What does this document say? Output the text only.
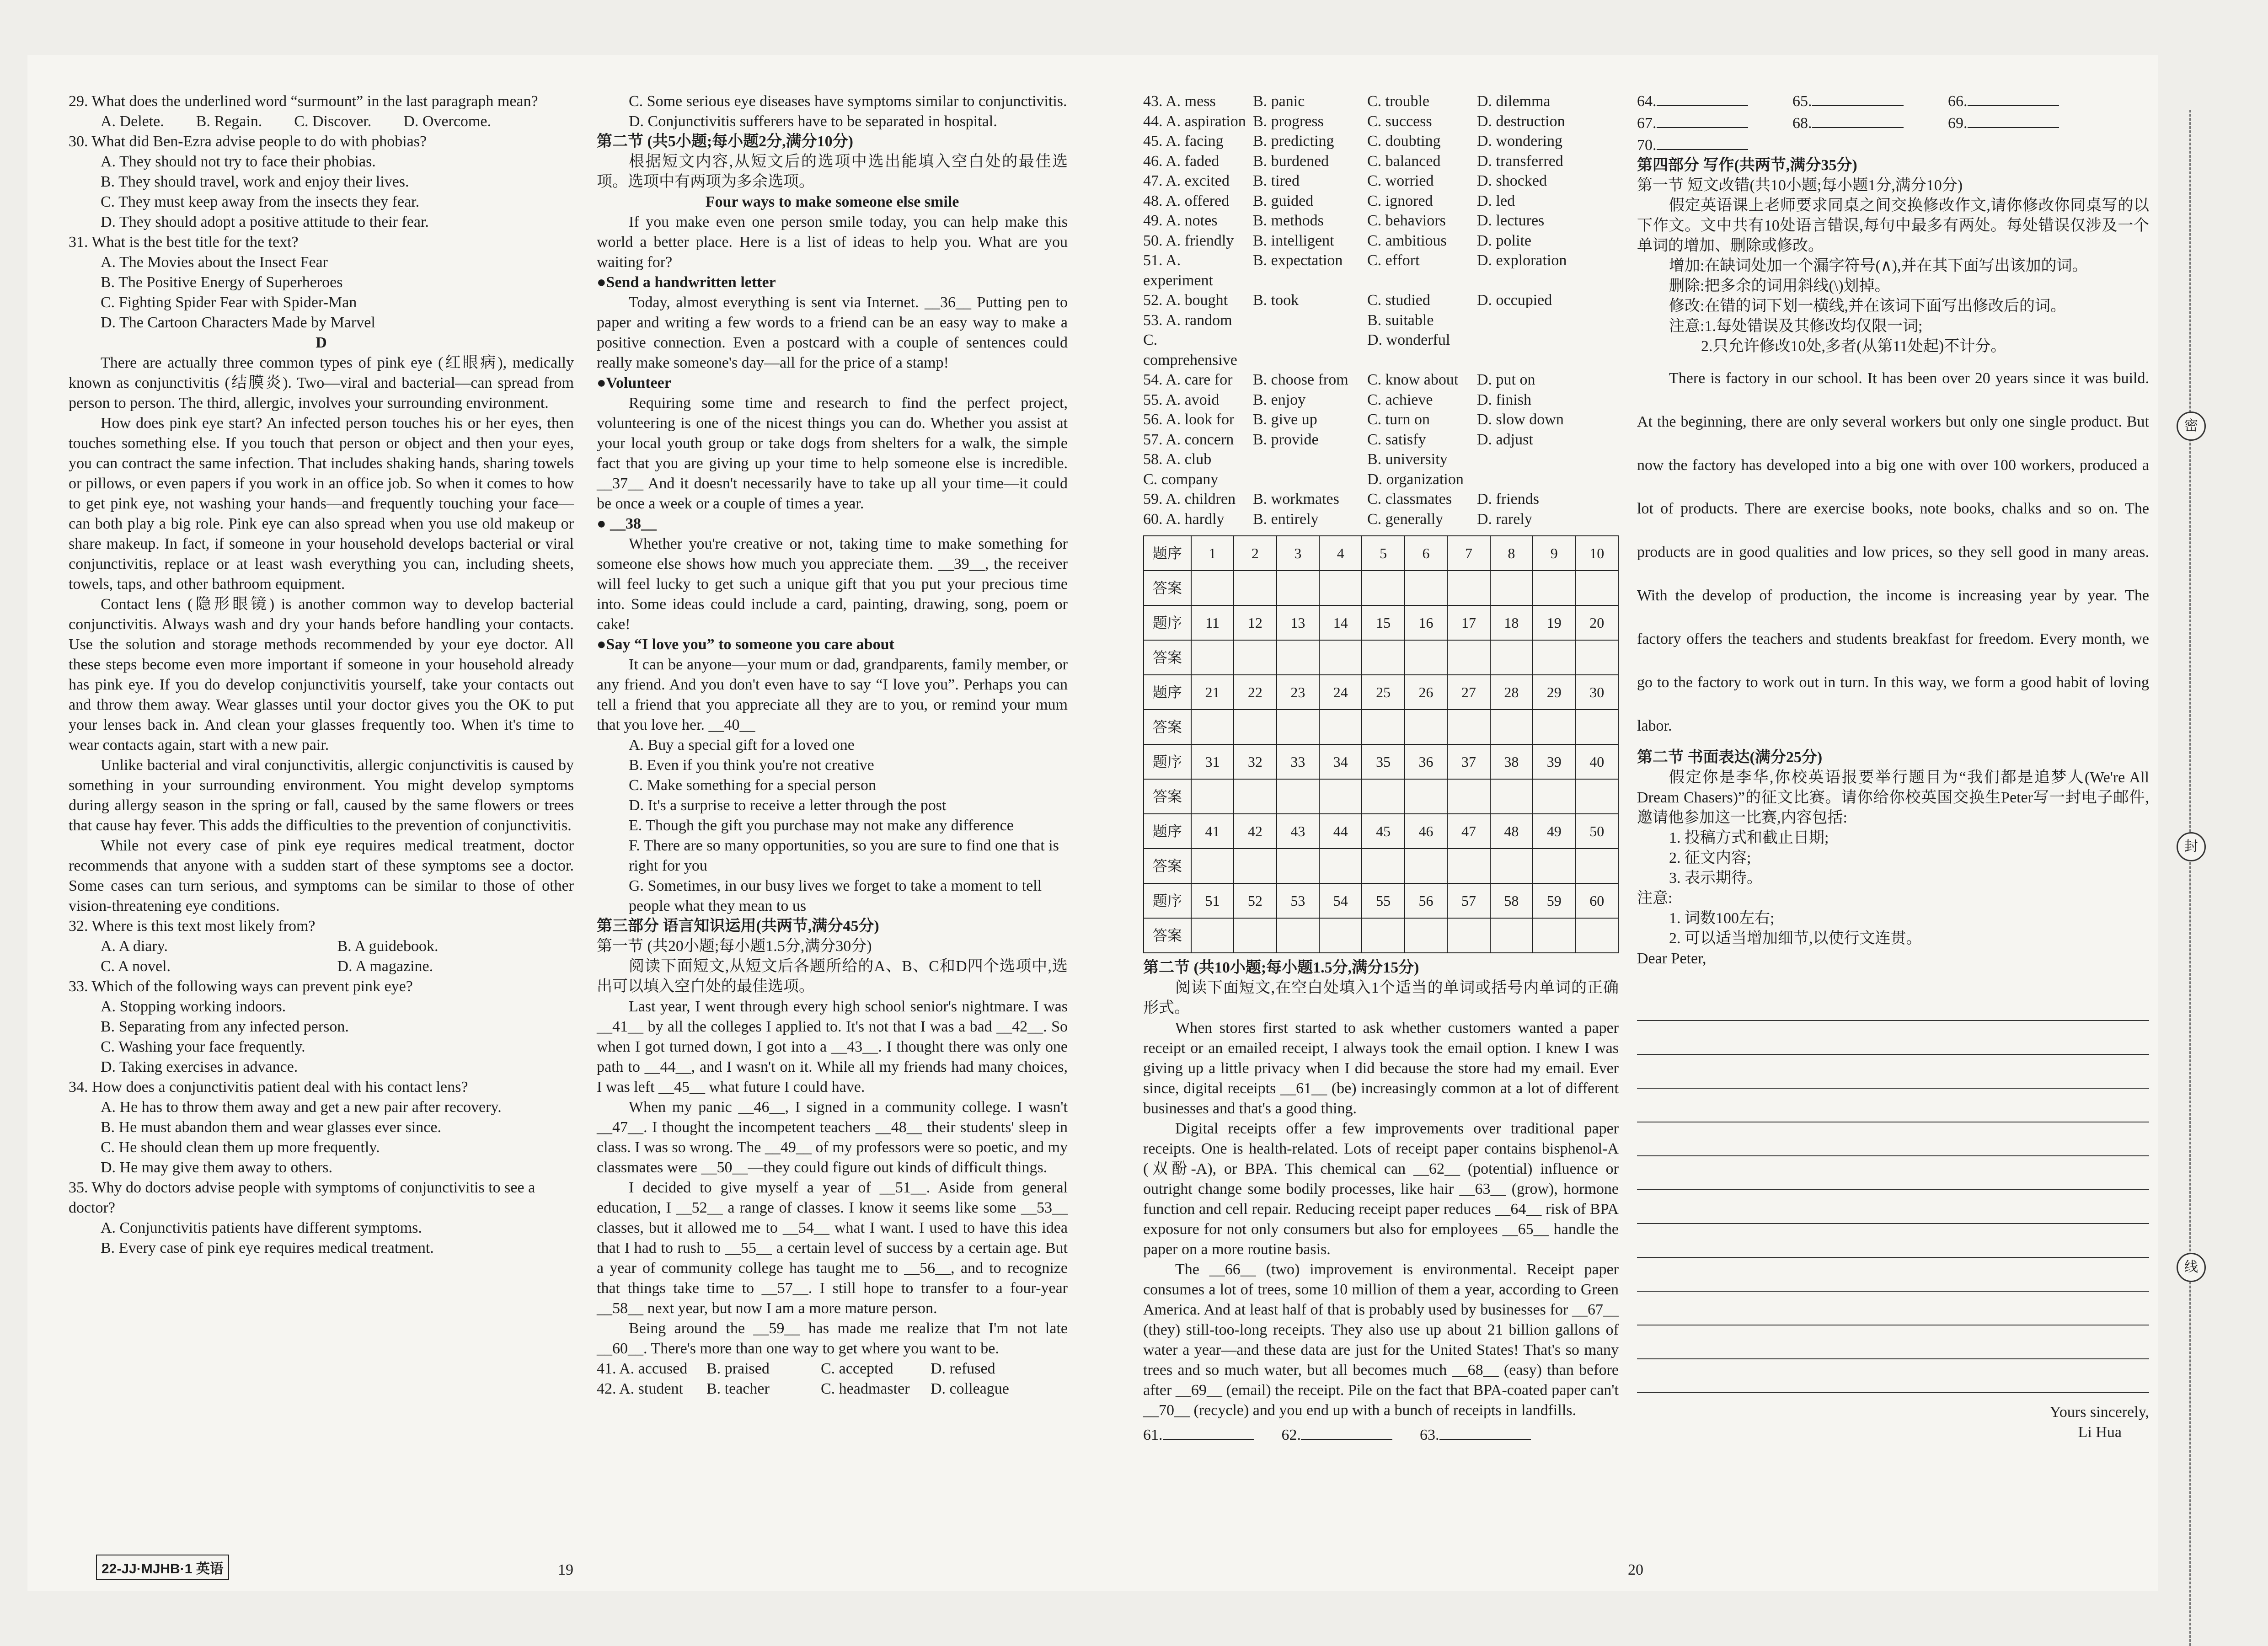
29. What does the underlined word “surmount” in the last paragraph mean?

A. Delete. B. Regain. C. Discover. D. Overcome.

30. What did Ben-Ezra advise people to do with phobias?

A. They should not try to face their phobias.

B. They should travel, work and enjoy their lives.

C. They must keep away from the insects they fear.

D. They should adopt a positive attitude to their fear.

31. What is the best title for the text?

A. The Movies about the Insect Fear

B. The Positive Energy of Superheroes

C. Fighting Spider Fear with Spider-Man

D. The Cartoon Characters Made by Marvel

D

There are actually three common types of pink eye (红眼病), medically known as conjunctivitis (结膜炎). Two—viral and bacterial—can spread from person to person. The third, allergic, involves your surrounding environment.

How does pink eye start? An infected person touches his or her eyes, then touches something else. If you touch that person or object and then your eyes, you can contract the same infection. That includes shaking hands, sharing towels or pillows, or even papers if you work in an office job. So when it comes to how to get pink eye, not washing your hands—and frequently touching your face—can both play a big role. Pink eye can also spread when you use old makeup or share makeup. In fact, if someone in your household develops bacterial or viral conjunctivitis, replace or at least wash everything you can, including sheets, towels, taps, and other bathroom equipment.

Contact lens (隐形眼镜) is another common way to develop bacterial conjunctivitis. Always wash and dry your hands before handling your contacts. Use the solution and storage methods recommended by your eye doctor. All these steps become even more important if someone in your household already has pink eye. If you do develop conjunctivitis yourself, take your contacts out and throw them away. Wear glasses until your doctor gives you the OK to put your lenses back in. And clean your glasses frequently too. When it's time to wear contacts again, start with a new pair.

Unlike bacterial and viral conjunctivitis, allergic conjunctivitis is caused by something in your surrounding environment. You might develop symptoms during allergy season in the spring or fall, caused by the same flowers or trees that cause hay fever. This adds the difficulties to the prevention of conjunctivitis.

While not every case of pink eye requires medical treatment, doctor recommends that anyone with a sudden start of these symptoms see a doctor. Some cases can turn serious, and symptoms can be similar to those of other vision-threatening eye conditions.

32. Where is this text most likely from?

A. A diary.	B. A guidebook.
C. A novel.	D. A magazine.

33. Which of the following ways can prevent pink eye?

A. Stopping working indoors.

B. Separating from any infected person.

C. Washing your face frequently.

D. Taking exercises in advance.

34. How does a conjunctivitis patient deal with his contact lens?

A. He has to throw them away and get a new pair after recovery.

B. He must abandon them and wear glasses ever since.

C. He should clean them up more frequently.

D. He may give them away to others.

35. Why do doctors advise people with symptoms of conjunctivitis to see a doctor?

A. Conjunctivitis patients have different symptoms.

B. Every case of pink eye requires medical treatment.

C. Some serious eye diseases have symptoms similar to conjunctivitis.

D. Conjunctivitis sufferers have to be separated in hospital.

第二节 (共5小题;每小题2分,满分10分)

根据短文内容,从短文后的选项中选出能填入空白处的最佳选项。选项中有两项为多余选项。

Four ways to make someone else smile

If you make even one person smile today, you can help make this world a better place. Here is a list of ideas to help you. What are you waiting for?

●Send a handwritten letter

Today, almost everything is sent via Internet. __36__ Putting pen to paper and writing a few words to a friend can be an easy way to make a positive connection. Even a postcard with a couple of sentences could really make someone's day—all for the price of a stamp!

●Volunteer

Requiring some time and research to find the perfect project, volunteering is one of the nicest things you can do. Whether you assist at your local youth group or take dogs from shelters for a walk, the simple fact that you are giving up your time to help someone else is incredible. __37__ And it doesn't necessarily have to take up all your time—it could be once a week or a couple of times a year.

● __38__

Whether you're creative or not, taking time to make something for someone else shows how much you appreciate them. __39__, the receiver will feel lucky to get such a unique gift that you put your precious time into. Some ideas could include a card, painting, drawing, song, poem or cake!

●Say “I love you” to someone you care about

It can be anyone—your mum or dad, grandparents, family member, or any friend. And you don't even have to say “I love you”. Perhaps you can tell a friend that you appreciate all they are to you, or remind your mum that you love her. __40__

A. Buy a special gift for a loved one

B. Even if you think you're not creative

C. Make something for a special person

D. It's a surprise to receive a letter through the post

E. Though the gift you purchase may not make any difference

F. There are so many opportunities, so you are sure to find one that is right for you

G. Sometimes, in our busy lives we forget to take a moment to tell people what they mean to us

第三部分 语言知识运用(共两节,满分45分)

第一节 (共20小题;每小题1.5分,满分30分)

阅读下面短文,从短文后各题所给的A、B、C和D四个选项中,选出可以填入空白处的最佳选项。

Last year, I went through every high school senior's nightmare. I was __41__ by all the colleges I applied to. It's not that I was a bad __42__. So when I got turned down, I got into a __43__. I thought there was only one path to __44__, and I wasn't on it. While all my friends had many choices, I was left __45__ what future I could have.

When my panic __46__, I signed in a community college. I wasn't __47__. I thought the incompetent teachers __48__ their students' sleep in class. I was so wrong. The __49__ of my professors were so poetic, and my classmates were __50__—they could figure out kinds of difficult things.

I decided to give myself a year of __51__. Aside from general education, I __52__ a range of classes. I know it seems like some __53__ classes, but it allowed me to __54__ what I want. I used to have this idea that I had to rush to __55__ a certain level of success by a certain age. But a year of community college has taught me to __56__, and to recognize that things take time to __57__. I still hope to transfer to a four-year __58__ next year, but now I am a more mature person.

Being around the __59__ has made me realize that I'm not late __60__. There's more than one way to get where you want to be.

41. A. accused	B. praised	C. accepted	D. refused
42. A. student	B. teacher	C. headmaster	D. colleague
22-JJ·MJHB·1 英语	19
43. A. mess	B. panic	C. trouble	D. dilemma
44. A. aspiration B. progress	C. success	D. destruction
45. A. facing	B. predicting	C. doubting	D. wondering
46. A. faded	B. burdened	C. balanced	D. transferred
47. A. excited	B. tired	C. worried	D. shocked
48. A. offered	B. guided	C. ignored	D. led
49. A. notes	B. methods	C. behaviors	D. lectures
50. A. friendly	B. intelligent	C. ambitious	D. polite
51. A. experiment
B. expectation	C. effort	D. exploration
52. A. bought	B. took	C. studied	D. occupied
53. A. random	B. suitable
C. comprehensive
D. wonderful
54. A. care for	B. choose from	C. know about	D. put on
55. A. avoid	B. enjoy	C. achieve	D. finish
56. A. look for	B. give up	C. turn on	D. slow down
57. A. concern	B. provide	C. satisfy	D. adjust
58. A. club	B. university
C. company	D. organization
59. A. children	B. workmates	C. classmates	D. friends
60. A. hardly	B. entirely	C. generally	D. rarely
题序	1	2	3	4	5	6	7	8	9	10
答案										
题序	11	12	13	14	15	16	17	18	19	20
答案										
题序	21	22	23	24	25	26	27	28	29	30
答案										
题序	31	32	33	34	35	36	37	38	39	40
答案										
题序	41	42	43	44	45	46	47	48	49	50
答案										
题序	51	52	53	54	55	56	57	58	59	60
答案										

第二节 (共10小题;每小题1.5分,满分15分)

阅读下面短文,在空白处填入1个适当的单词或括号内单词的正确形式。

When stores first started to ask whether customers wanted a paper receipt or an emailed receipt, I always took the email option. I knew I was giving up a little privacy when I did because the store had my email. Ever since, digital receipts __61__ (be) increasingly common at a lot of different businesses and that's a good thing.

Digital receipts offer a few improvements over traditional paper receipts. One is health-related. Lots of receipt paper contains bisphenol-A (双酚-A), or BPA. This chemical can __62__ (potential) influence or outright change some bodily processes, like hair __63__ (grow), hormone function and cell repair. Reducing receipt paper reduces __64__ risk of BPA exposure for not only consumers but also for employees __65__ handle the paper on a more routine basis.

The __66__ (two) improvement is environmental. Receipt paper consumes a lot of trees, some 10 million of them a year, according to Green America. And at least half of that is probably used by businesses for __67__ (they) still-too-long receipts. They also use up about 21 billion gallons of water a year—and these data are just for the United States! That's so many trees and so much water, but all becomes much __68__ (easy) than before after __69__ (email) the receipt. Pile on the fact that BPA-coated paper can't __70__ (recycle) and you end up with a bunch of receipts in landfills.

61.	62.	63.
20
64.	65.	66.
67.	68.	69.
70.

第四部分 写作(共两节,满分35分)

第一节 短文改错(共10小题;每小题1分,满分10分)

假定英语课上老师要求同桌之间交换修改作文,请你修改你同桌写的以下作文。文中共有10处语言错误,每句中最多有两处。每处错误仅涉及一个单词的增加、删除或修改。

增加:在缺词处加一个漏字符号(∧),并在其下面写出该加的词。

删除:把多余的词用斜线(\)划掉。

修改:在错的词下划一横线,并在该词下面写出修改后的词。

注意:1.每处错误及其修改均仅限一词;

2.只允许修改10处,多者(从第11处起)不计分。

There is factory in our school. It has been over 20 years since it was build. At the beginning, there are only several workers but only one single product. But now the factory has developed into a big one with over 100 workers, produced a lot of products. There are exercise books, note books, chalks and so on. The products are in good qualities and low prices, so they sell good in many areas. With the develop of production, the income is increasing year by year. The factory offers the teachers and students breakfast for freedom. Every month, we go to the factory to work out in turn. In this way, we form a good habit of loving labor.

第二节 书面表达(满分25分)

假定你是李华,你校英语报要举行题目为“我们都是追梦人(We're All Dream Chasers)”的征文比赛。请你给你校英国交换生Peter写一封电子邮件,邀请他参加这一比赛,内容包括:

1. 投稿方式和截止日期;

2. 征文内容;

3. 表示期待。

注意:

1. 词数100左右;

2. 可以适当增加细节,以使行文连贯。

Dear Peter,

Yours sincerely,

Li Hua

密
封
线
